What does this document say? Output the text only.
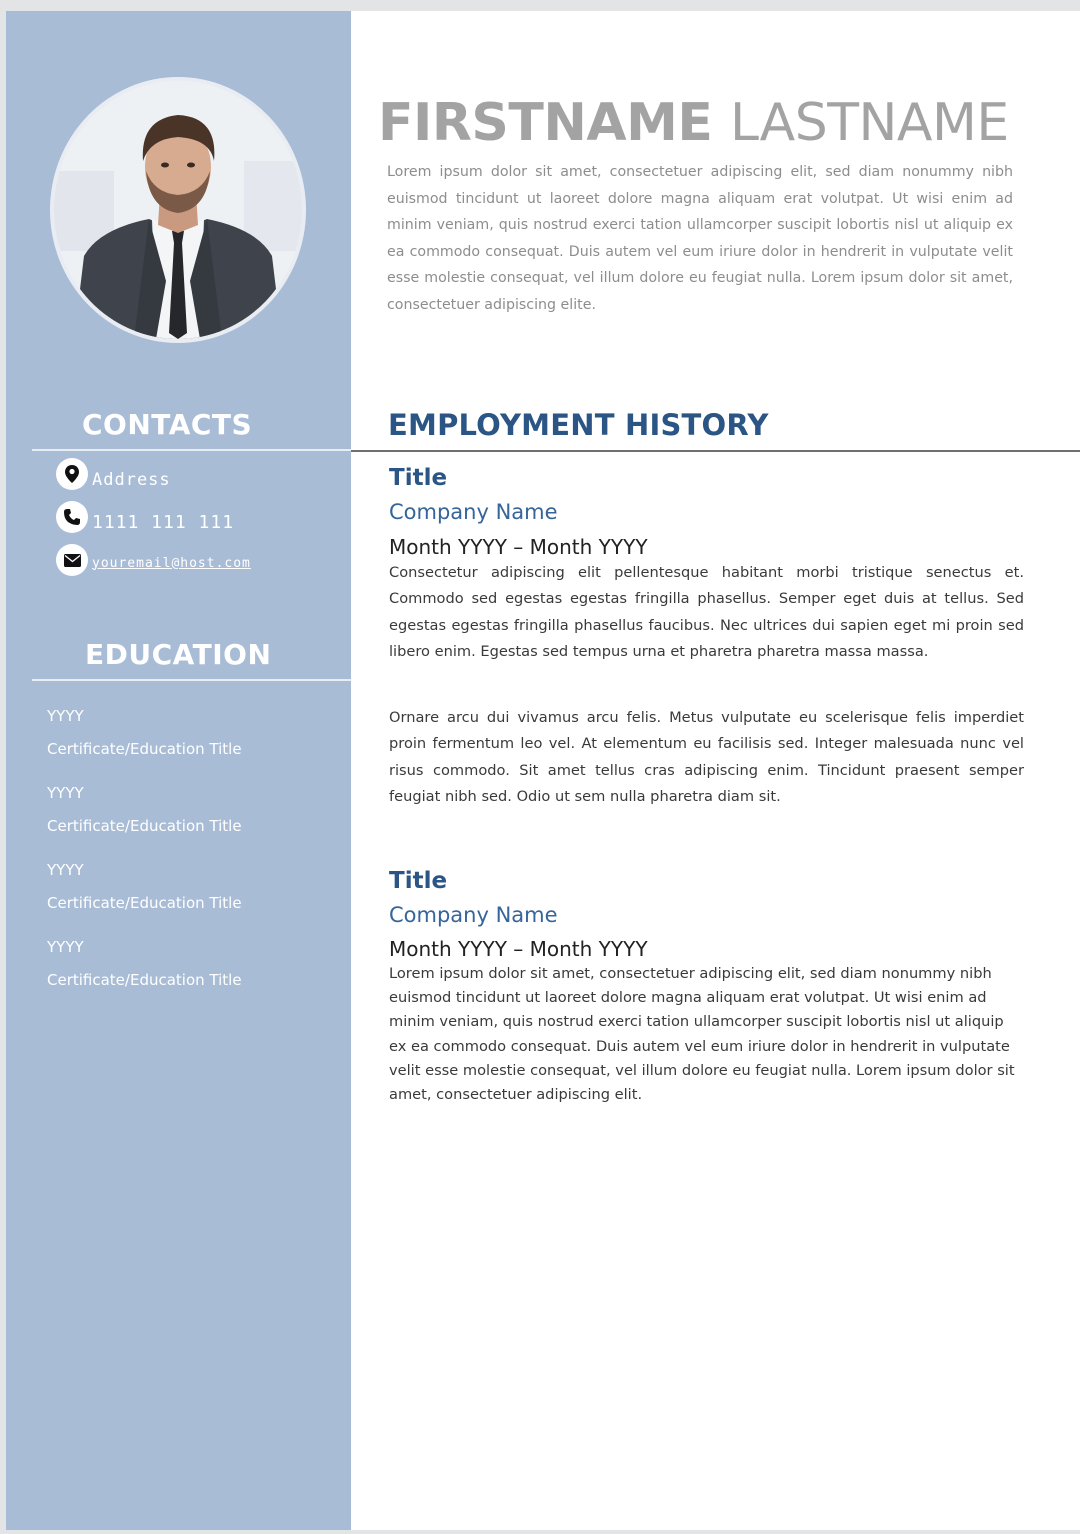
CONTACTS
Address
1111 111 111
youremail@host.com
EDUCATION
YYYY
Certificate/Education Title
YYYY
Certificate/Education Title
YYYY
Certificate/Education Title
YYYY
Certificate/Education Title
FIRSTNAME LASTNAME

Lorem ipsum dolor sit amet, consectetuer adipiscing elit, sed diam nonummy nibh euismod tincidunt ut laoreet dolore magna aliquam erat volutpat. Ut wisi enim ad minim veniam, quis nostrud exerci tation ullamcorper suscipit lobortis nisl ut aliquip ex ea commodo consequat. Duis autem vel eum iriure dolor in hendrerit in vulputate velit esse molestie consequat, vel illum dolore eu feugiat nulla. Lorem ipsum dolor sit amet, consectetuer adipiscing elite.

EMPLOYMENT HISTORY
Title
Company Name
Month YYYY – Month YYYY

Consectetur adipiscing elit pellentesque habitant morbi tristique senectus et. Commodo sed egestas egestas fringilla phasellus. Semper eget duis at tellus. Sed egestas egestas fringilla phasellus faucibus. Nec ultrices dui sapien eget mi proin sed libero enim. Egestas sed tempus urna et pharetra pharetra massa massa.

Ornare arcu dui vivamus arcu felis. Metus vulputate eu scelerisque felis imperdiet proin fermentum leo vel. At elementum eu facilisis sed. Integer malesuada nunc vel risus commodo. Sit amet tellus cras adipiscing enim. Tincidunt praesent semper feugiat nibh sed. Odio ut sem nulla pharetra diam sit.

Title
Company Name
Month YYYY – Month YYYY

Lorem ipsum dolor sit amet, consectetuer adipiscing elit, sed diam nonummy nibh euismod tincidunt ut laoreet dolore magna aliquam erat volutpat. Ut wisi enim ad minim veniam, quis nostrud exerci tation ullamcorper suscipit lobortis nisl ut aliquip ex ea commodo consequat. Duis autem vel eum iriure dolor in hendrerit in vulputate velit esse molestie consequat, vel illum dolore eu feugiat nulla. Lorem ipsum dolor sit amet, consectetuer adipiscing elit.
